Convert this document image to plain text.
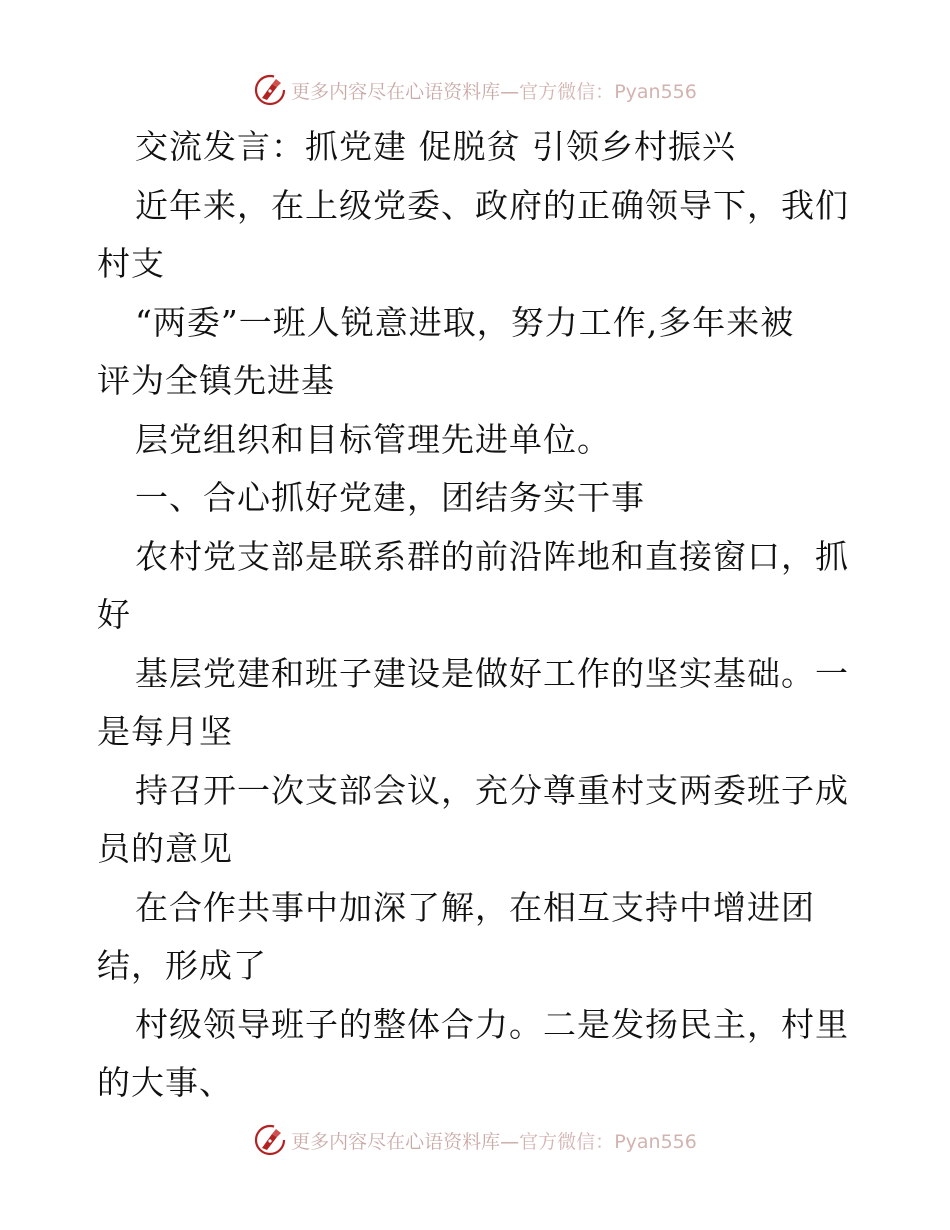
更多内容尽在心语资料库—官方微信：Pyan556
交流发言：抓党建 促脱贫 引领乡村振兴
近年来，在上级党委、政府的正确领导下，我们
村支
“两委”一班人锐意进取，努力工作,多年来被
评为全镇先进基
层党组织和目标管理先进单位。
一、合心抓好党建，团结务实干事
农村党支部是联系群的前沿阵地和直接窗口，抓
好
基层党建和班子建设是做好工作的坚实基础。一
是每月坚
持召开一次支部会议，充分尊重村支两委班子成
员的意见
在合作共事中加深了解，在相互支持中增进团
结，形成了
村级领导班子的整体合力。二是发扬民主，村里
的大事、
更多内容尽在心语资料库—官方微信：Pyan556
